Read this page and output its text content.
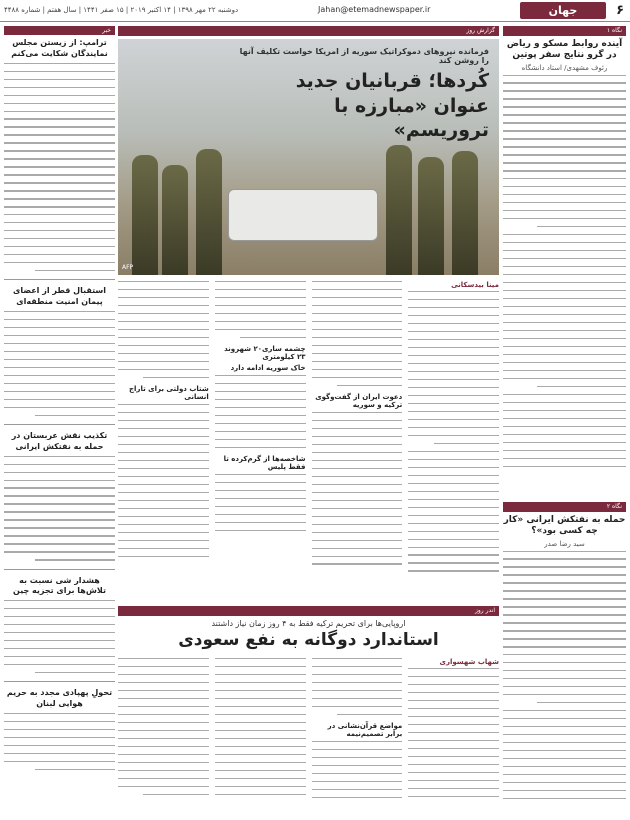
۶
جهان
Jahan@etemadnewspaper.ir
دوشنبه ۲۲ مهر ۱۳۹۸ | ۱۴ اکتبر ۲۰۱۹ | ۱۵ صفر ۱۴۴۱ | سال هفتم | شماره ۴۴۸۸
نگاه ۱
آینده روابط مسکو و ریاض در گرو نتایج سفر پوتین
رئوف مشهدی/ استاد دانشگاه
نگاه ۲
حمله به نفتکش ایرانی «کار چه کسی بود»؟
سید رضا صدر
گزارش روز
فرمانده نیروهای دموکراتیک سوریه از امریکا خواست تکلیف آنها را روشن کند
کُردها؛ قربانیان جدید
عنوان «مبارزه با تروریسم»
AFP
مینا بیدسکانی
دعوت ایران از گفت‌وگوی ترکیه و سوریه
چشمه ساری۲۰ شهروند ۲۳ کیلومتری
خاک سوریه ادامه دارد
شاخصه‌ها از گرم‌کرده تا فقط پلیس
شتاب دولتی برای تاراج انسانی
اندر روز
اروپایی‌ها برای تحریم ترکیه فقط به ۴ روز زمان نیاز داشتند
استاندارد دوگانه به نفع سعودی
شهاب شهسواری
مواضع قرآن‌نشانی در برابر تصمیم‌نیمه
خبر
ترامپ: از زیستن مجلس نمایندگان شکایت می‌کنم
استقبال قطر از اعضای پیمان امنیت منطقه‌ای
تکذیب نقش عربستان در حمله به نفتکش ایرانی
هشدار شی نسبت به تلاش‌ها برای تجزیه چین
تحولِ پهپادی مجدد به حریم هوایی لبنان
